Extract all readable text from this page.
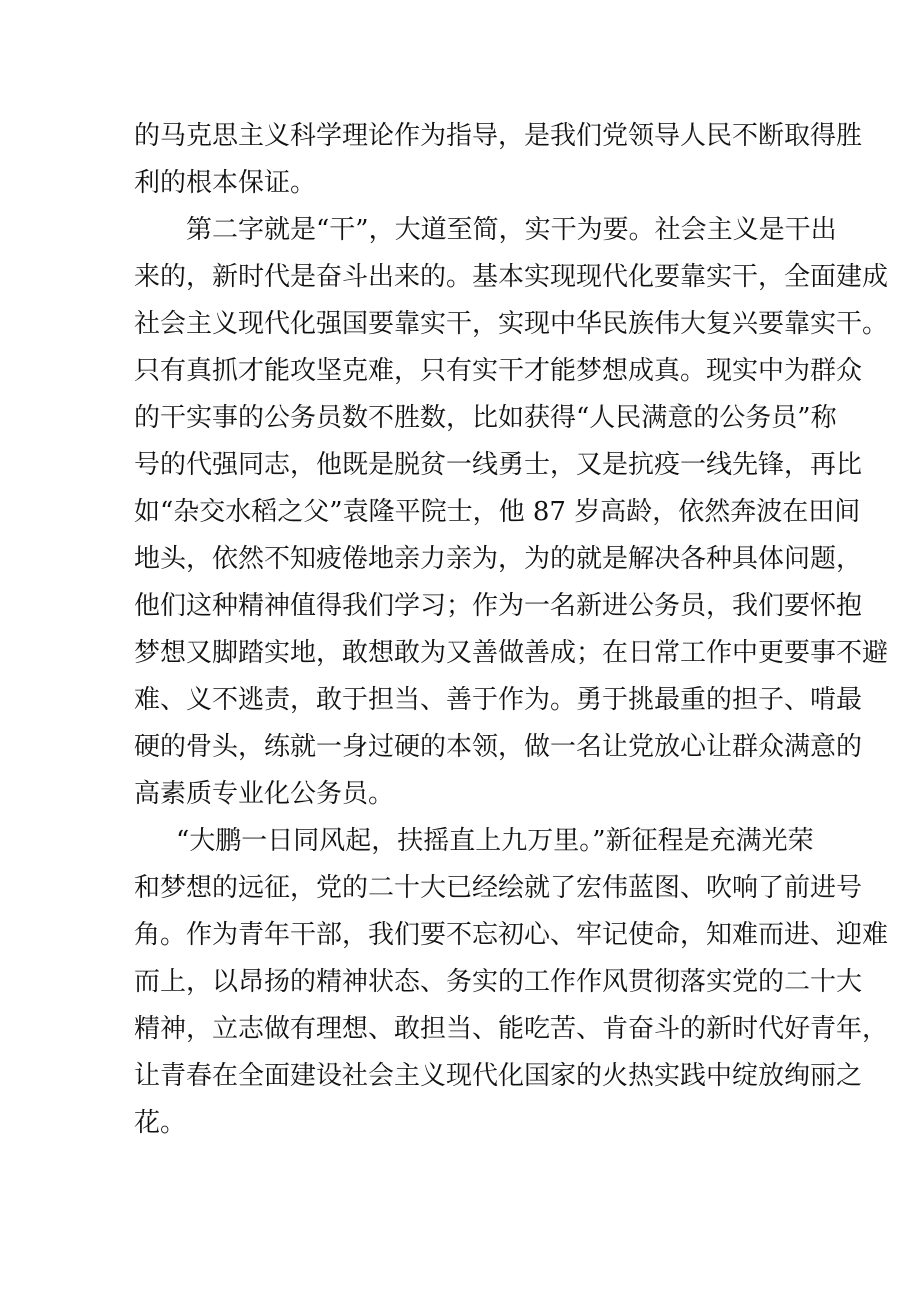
的马克思主义科学理论作为指导，是我们党领导人民不断取得胜

利的根本保证。

第二字就是“干”，大道至简，实干为要。社会主义是干出

来的，新时代是奋斗出来的。基本实现现代化要靠实干，全面建成

社会主义现代化强国要靠实干，实现中华民族伟大复兴要靠实干。

只有真抓才能攻坚克难，只有实干才能梦想成真。现实中为群众

的干实事的公务员数不胜数，比如获得“人民满意的公务员”称

号的代强同志，他既是脱贫一线勇士，又是抗疫一线先锋，再比

如“杂交水稻之父”袁隆平院士，他 87 岁高龄，依然奔波在田间

地头，依然不知疲倦地亲力亲为，为的就是解决各种具体问题，

他们这种精神值得我们学习；作为一名新进公务员，我们要怀抱

梦想又脚踏实地，敢想敢为又善做善成；在日常工作中更要事不避

难、义不逃责，敢于担当、善于作为。勇于挑最重的担子、啃最

硬的骨头，练就一身过硬的本领，做一名让党放心让群众满意的

高素质专业化公务员。

“大鹏一日同风起，扶摇直上九万里。”新征程是充满光荣

和梦想的远征，党的二十大已经绘就了宏伟蓝图、吹响了前进号

角。作为青年干部，我们要不忘初心、牢记使命，知难而进、迎难

而上，以昂扬的精神状态、务实的工作作风贯彻落实党的二十大

精神，立志做有理想、敢担当、能吃苦、肯奋斗的新时代好青年，

让青春在全面建设社会主义现代化国家的火热实践中绽放绚丽之

花。
